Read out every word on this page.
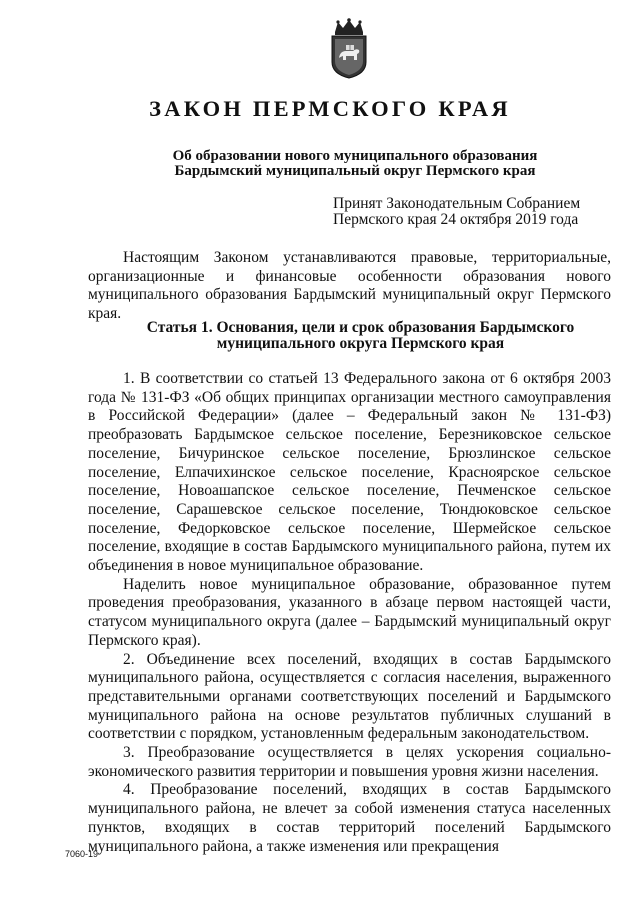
ЗАКОН ПЕРМСКОГО КРАЯ
Об образовании нового муниципального образования
Бардымский муниципальный округ Пермского края
Принят Законодательным Собранием
Пермского края 24 октября 2019 года

Настоящим Законом устанавливаются правовые, территориальные, организационные и финансовые особенности образования нового муниципального образования Бардымский муниципальный округ Пермского края.

Статья 1. Основания, цели и срок образования Бардымского
муниципального округа Пермского края

1. В соответствии со статьей 13 Федерального закона от 6 октября 2003 года № 131-ФЗ «Об общих принципах организации местного самоуправления в Российской Федерации» (далее – Федеральный закон № 131-ФЗ) преобразовать Бардымское сельское поселение, Березниковское сельское поселение, Бичуринское сельское поселение, Брюзлинское сельское поселение, Елпачихинское сельское поселение, Красноярское сельское поселение, Новоашапское сельское поселение, Печменское сельское поселение, Сарашевское сельское поселение, Тюндюковское сельское поселение, Федорковское сельское поселение, Шермейское сельское поселение, входящие в состав Бардымского муниципального района, путем их объединения в новое муниципальное образование.

Наделить новое муниципальное образование, образованное путем проведения преобразования, указанного в абзаце первом настоящей части, статусом муниципального округа (далее – Бардымский муниципальный округ Пермского края).

2. Объединение всех поселений, входящих в состав Бардымского муниципального района, осуществляется с согласия населения, выраженного представительными органами соответствующих поселений и Бардымского муниципального района на основе результатов публичных слушаний в соответствии с порядком, установленным федеральным законодательством.

3. Преобразование осуществляется в целях ускорения социально-экономического развития территории и повышения уровня жизни населения.

4. Преобразование поселений, входящих в состав Бардымского муниципального района, не влечет за собой изменения статуса населенных пунктов, входящих в состав территорий поселений Бардымского муниципального района, а также изменения или прекращения

7060-19
